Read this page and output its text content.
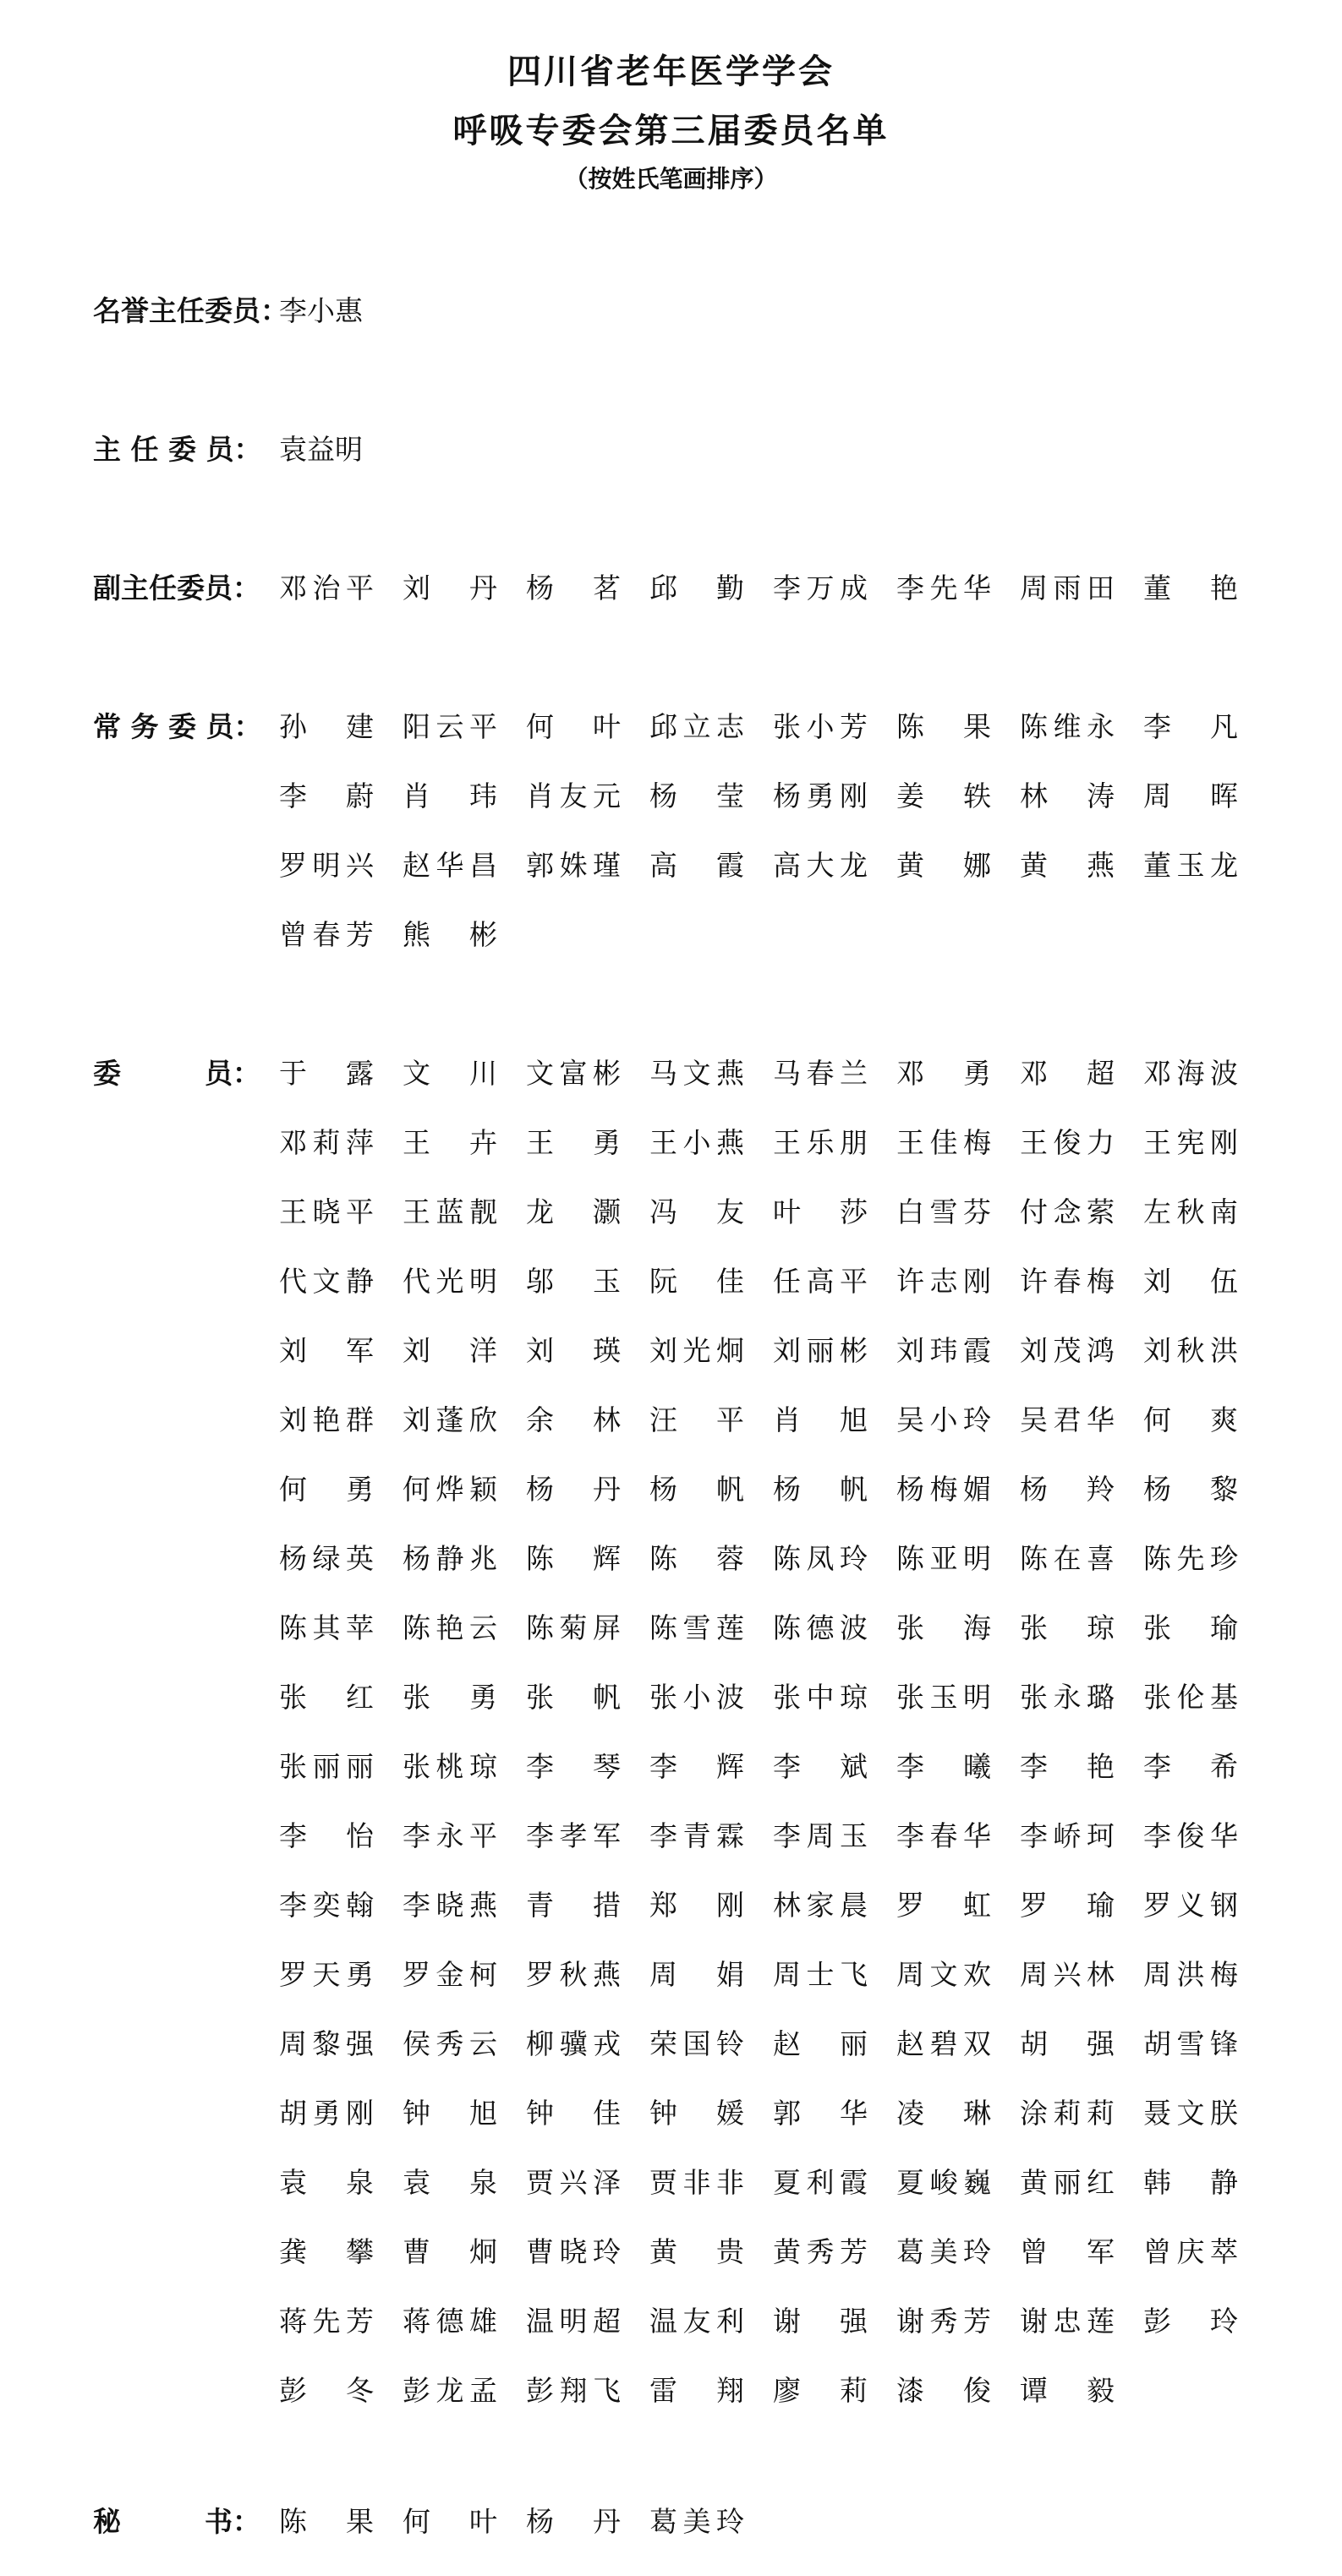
四川省老年医学学会

呼吸专委会第三届委员名单

（按姓氏笔画排序）

名誉主任委员：
李小惠
主 任 委 员： 袁益明
副主任委员： 邓治平 刘 丹 杨 茗 邱 勤 李万成 李先华 周雨田 董 艳
常 务 委 员： 孙 建 阳云平 何 叶 邱立志 张小芳 陈 果 陈维永 李 凡
李 蔚 肖 玮 肖友元 杨 莹 杨勇刚 姜 轶 林 涛 周 晖
罗明兴 赵华昌 郭姝瑾 高 霞 高大龙 黄 娜 黄 燕 董玉龙
曾春芳 熊 彬
委　　　员： 于 露 文 川 文富彬 马文燕 马春兰 邓 勇 邓 超 邓海波
邓莉萍 王 卉 王 勇 王小燕 王乐朋 王佳梅 王俊力 王宪刚
王晓平 王蓝靓 龙 灏 冯 友 叶 莎 白雪芬 付念萦 左秋南
代文静 代光明 邬 玉 阮 佳 任高平 许志刚 许春梅 刘 伍
刘 军 刘 洋 刘 瑛 刘光炯 刘丽彬 刘玮霞 刘茂鸿 刘秋洪
刘艳群 刘蓬欣 余 林 汪 平 肖 旭 吴小玲 吴君华 何 爽
何 勇 何烨颖 杨 丹 杨 帆 杨 帆 杨梅媚 杨 羚 杨 黎
杨绿英 杨静兆 陈 辉 陈 蓉 陈凤玲 陈亚明 陈在喜 陈先珍
陈其苹 陈艳云 陈菊屏 陈雪莲 陈德波 张 海 张 琼 张 瑜
张 红 张 勇 张 帆 张小波 张中琼 张玉明 张永璐 张伦基
张丽丽 张桃琼 李 琴 李 辉 李 斌 李 曦 李 艳 李 希
李 怡 李永平 李孝军 李青霖 李周玉 李春华 李峤珂 李俊华
李奕翰 李晓燕 青 措 郑 刚 林家晨 罗 虹 罗 瑜 罗义钢
罗天勇 罗金柯 罗秋燕 周 娟 周士飞 周文欢 周兴林 周洪梅
周黎强 侯秀云 柳骥戎 荣国铃 赵 丽 赵碧双 胡 强 胡雪锋
胡勇刚 钟 旭 钟 佳 钟 媛 郭 华 凌 琳 涂莉莉 聂文朕
袁 泉 袁 泉 贾兴泽 贾非非 夏利霞 夏峻巍 黄丽红 韩 静
龚 攀 曹 炯 曹晓玲 黄 贵 黄秀芳 葛美玲 曾 军 曾庆萃
蒋先芳 蒋德雄 温明超 温友利 谢 强 谢秀芳 谢忠莲 彭 玲
彭 冬 彭龙孟 彭翔飞 雷 翔 廖 莉 漆 俊 谭 毅
秘　　　书： 陈 果 何 叶 杨 丹 葛美玲
